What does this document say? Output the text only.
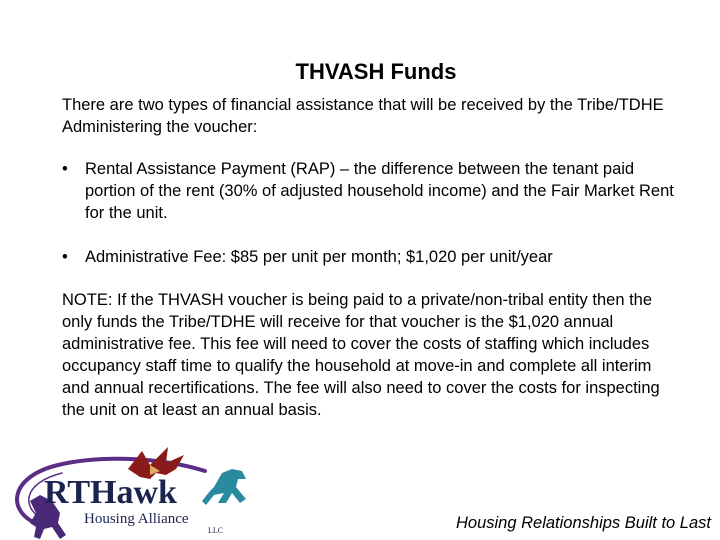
THVASH Funds

There are two types of financial assistance that will be received by the Tribe/TDHE Administering the voucher:

•	Rental Assistance Payment (RAP) – the difference between the tenant paid portion of the rent (30% of adjusted household income) and the Fair Market Rent for the unit.
•	Administrative Fee: $85 per unit per month; $1,020 per unit/year

NOTE: If the THVASH voucher is being paid to a private/non-tribal entity then the only funds the Tribe/TDHE will receive for that voucher is the $1,020 annual administrative fee. This fee will need to cover the costs of staffing which includes occupancy staff time to qualify the household at move-in and complete all interim and annual recertifications. The fee will also need to cover the costs for inspecting the unit on at least an annual basis.

RTHawk
Housing Alliance
LLC	Housing Relationships Built to Last
